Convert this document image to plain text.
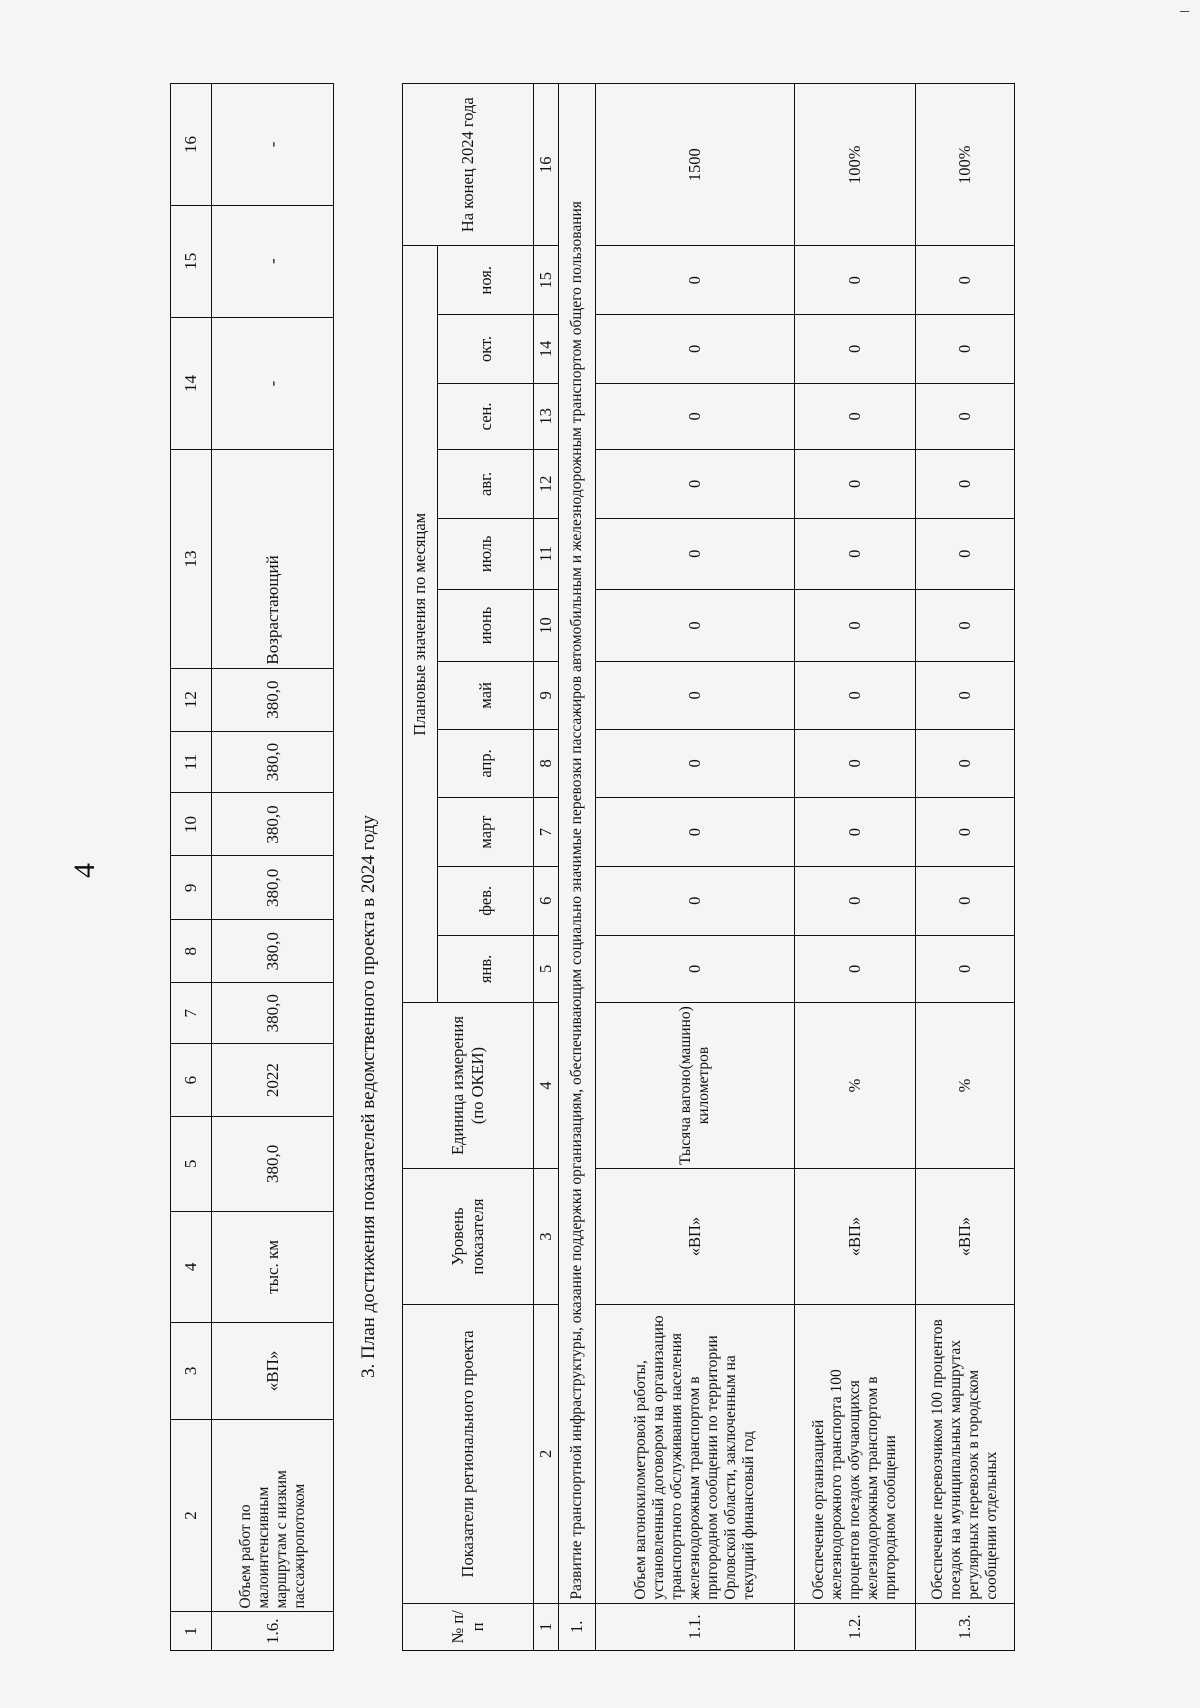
4
1	2	3	4	5	6	7	8	9	10	11	12	13	14	15	16
1.6.	Объем работ по малоинтенсивным маршрутам с низким пассажиропотоком	«ВП»	тыс. км	380,0	2022	380,0	380,0	380,0	380,0	380,0	380,0	Возрастающий	-	-	-
3. План достижения показателей ведомственного проекта в 2024 году
№ п/п	Показатели регионального проекта	Уровень показателя	Единица измерения (по ОКЕИ)	Плановые значения по месяцам											На конец 2024 года
				янв.	фев.	март	апр.	май	июнь	июль	авг.	сен.	окт.	ноя.	
1	2	3	4	5	6	7	8	9	10	11	12	13	14	15	16
1.	Развитие транспортной инфраструктуры, оказание поддержки организациям, обеспечивающим социально значимые перевозки пассажиров автомобильным и железнодорожным транспортом общего пользования														
1.1.	Объем вагонокилометровой работы, установленный договором на организацию транспортного обслуживания населения железнодорожным транспортом в пригородном сообщении по территории Орловской области, заключенным на текущий финансовый год	«ВП»	Тысяча вагоно(машино) километров	0	0	0	0	0	0	0	0	0	0	0	1500
1.2.	Обеспечение организацией железнодорожного транспорта 100 процентов поездок обучающихся железнодорожным транспортом в пригородном сообщении	«ВП»	%	0	0	0	0	0	0	0	0	0	0	0	100%
1.3.	Обеспечение перевозчиком 100 процентов поездок на муниципальных маршрутах регулярных перевозок в городском сообщении отдельных	«ВП»	%	0	0	0	0	0	0	0	0	0	0	0	100%
–
